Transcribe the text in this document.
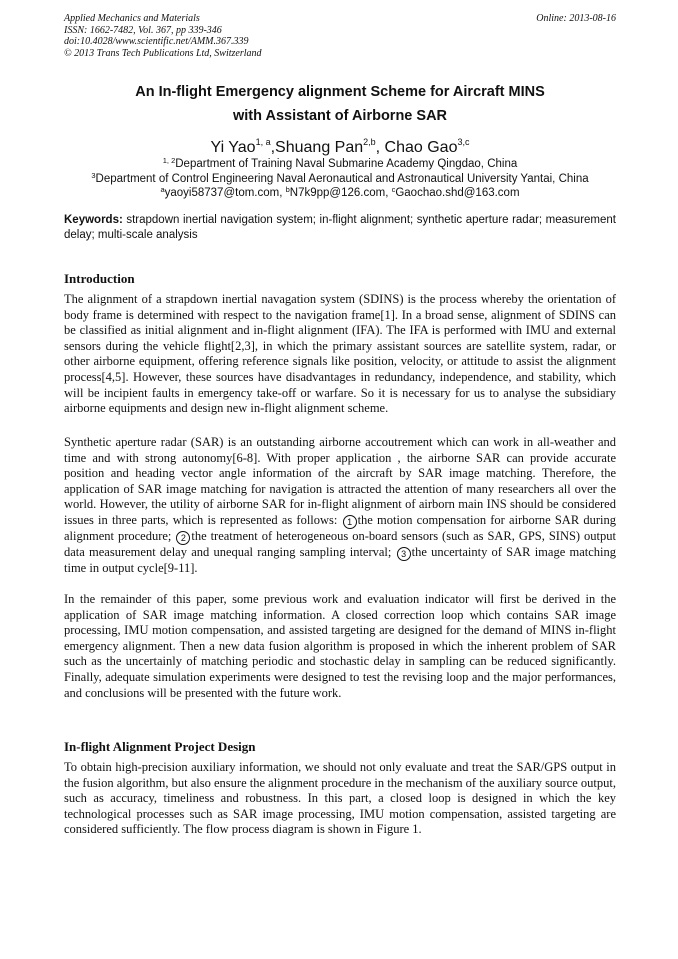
Applied Mechanics and Materials
ISSN: 1662-7482, Vol. 367, pp 339-346
doi:10.4028/www.scientific.net/AMM.367.339
© 2013 Trans Tech Publications Ltd, Switzerland
Online: 2013-08-16
An In-flight Emergency alignment Scheme for Aircraft MINS
with Assistant of Airborne SAR
Yi Yao$^{1, a}$,Shuang Pan$^{2,b}$, Chao Gao$^{3,c}$
$^{1, 2}$Department of Training Naval Submarine Academy Qingdao, China
$^3$Department of Control Engineering Naval Aeronautical and Astronautical University Yantai, China
$^a$yaoyi58737@tom.com, $^b$N7k9pp@126.com, $^c$Gaochao.shd@163.com
Keywords: strapdown inertial navigation system; in-flight alignment; synthetic aperture radar; measurement delay; multi-scale analysis
Introduction
The alignment of a strapdown inertial navagation system (SDINS) is the process whereby the orientation of body frame is determined with respect to the navigation frame[1]. In a broad sense, alignment of SDINS can be classified as initial alignment and in-flight alignment (IFA). The IFA is performed with IMU and external sensors during the vehicle flight[2,3], in which the primary assistant sources are satellite system, radar, or other airborne equipment, offering reference signals like position, velocity, or attitude to assist the alignment process[4,5]. However, these sources have disadvantages in redundancy, independence, and stability, which will be incipient faults in emergency take-off or warfare. So it is necessary for us to analyse the subsidiary airborne equipments and design new in-flight alignment scheme.
Synthetic aperture radar (SAR) is an outstanding airborne accoutrement which can work in all-weather and time and with strong autonomy[6-8]. With proper application , the airborne SAR can provide accurate position and heading vector angle information of the aircraft by SAR image matching. Therefore, the application of SAR image matching for navigation is attracted the attention of many researchers all over the world. However, the utility of airborne SAR for in-flight alignment of airborn main INS should be considered issues in three parts, which is represented as follows: 1 the motion compensation for airborne SAR during alignment procedure; 2 the treatment of heterogeneous on-board sensors (such as SAR, GPS, SINS) output data measurement delay and unequal ranging sampling interval; 3 the uncertainty of SAR image matching time in output cycle[9-11].
In the remainder of this paper, some previous work and evaluation indicator will first be derived in the application of SAR image matching information. A closed correction loop which contains SAR image processing, IMU motion compensation, and assisted targeting are designed for the demand of MINS in-flight emergency alignment. Then a new data fusion algorithm is proposed in which the inherent problem of SAR such as the uncertainly of matching periodic and stochastic delay in sampling can be reduced significantly. Finally, adequate simulation experiments were designed to test the revising loop and the major performances, and conclusions will be presented with the future work.
In-flight Alignment Project Design
To obtain high-precision auxiliary information, we should not only evaluate and treat the SAR/GPS output in the fusion algorithm, but also ensure the alignment procedure in the mechanism of the auxiliary source output, such as accuracy, timeliness and robustness. In this part, a closed loop is designed in which the key technological processes such as SAR image processing, IMU motion compensation, assisted targeting are considered sufficiently. The flow process diagram is shown in Figure 1.
